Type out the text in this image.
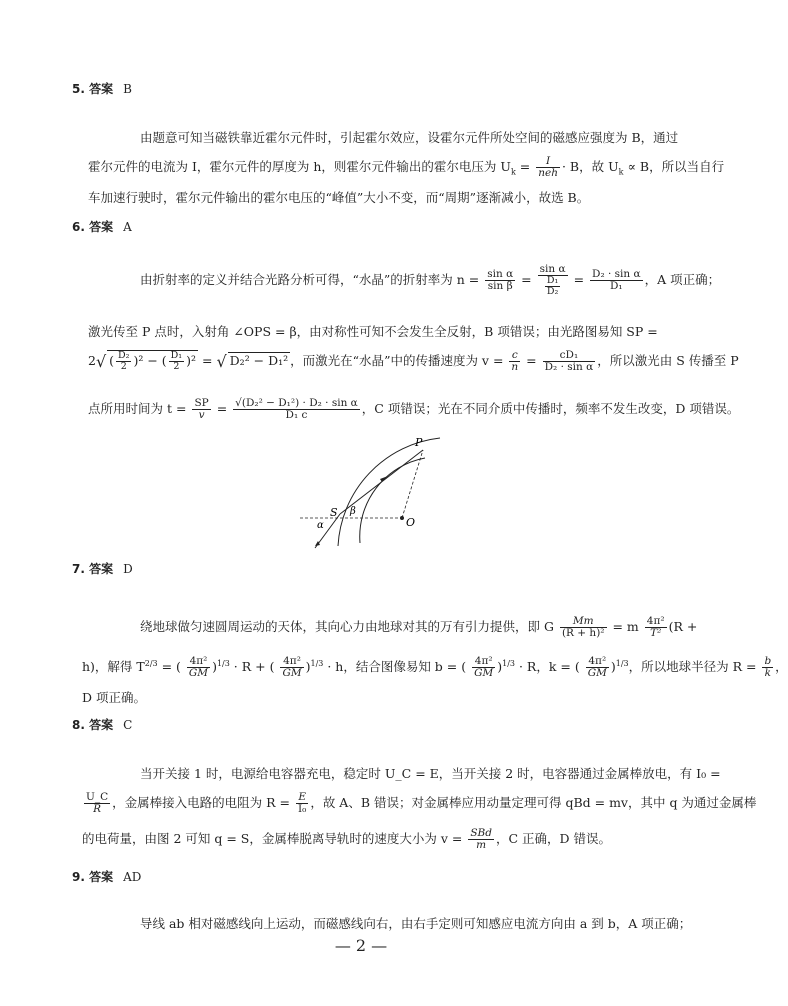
5. 答案 B
由题意可知当磁铁靠近霍尔元件时，引起霍尔效应，设霍尔元件所处空间的磁感应强度为 B，通过
霍尔元件的电流为 I，霍尔元件的厚度为 h，则霍尔元件输出的霍尔电压为 $U_k = \frac{I}{\text{neh}} \cdot B$，故 $U_k \propto B$，所以当自行
车加速行驶时，霍尔元件输出的霍尔电压的“峰值”大小不变，而“周期”逐渐减小，故选 B。
6. 答案 A
由折射率的定义并结合光路分析可得，“水晶”的折射率为 $n = \frac{\text{sin α}}{\text{sin β}} = \frac{\text{sin α}}{\frac{\text{D₁}}{\text{D₂}}} = \frac{\text{D₂ · sin α}}{\text{D₁}}$ ，A 项正确；
激光传至 P 点时，入射角 ∠OPS = β，由对称性可知不会发生全反射，B 项错误；由光路图易知 SP =
2√ ( $\frac{\text{D₂}}{2} )^2$ − ( $\frac{\text{D₁}}{2} )^2$ = √ D₂² − D₁² ，而激光在“水晶”中的传播速度为 $v = \frac{c}{n} = \frac{\text{cD₁}}{\text{D₂ · sin α}}$ ，所以激光由 S 传播至 P
点所用时间为 $t = \frac{SP}{v} = \frac{\text{√(D₂² − D₁²) · D₂ · sin α}}{\text{D₁ c}}$ ，C 项错误；光在不同介质中传播时，频率不发生改变，D 项错误。
P
S
O
α
β
7. 答案 D
绕地球做匀速圆周运动的天体，其向心力由地球对其的万有引力提供，即 G $\frac{Mm}{\text{(R + h)²}} = m \frac{\text{4π²}}{\text{T²}} (R$ +
h)，解得 $T^{2/3}$ = ( $\frac{\text{4π²}}{GM} )^{1/3} \cdot R$ + ( $\frac{\text{4π²}}{GM} )^{1/3} \cdot h$，结合图像易知 b = ( $\frac{\text{4π²}}{GM} )^{1/3} \cdot R$，k = ( $\frac{\text{4π²}}{GM} )^{1/3}$，所以地球半径为 $R = \frac{b}{k}$ ，
D 项正确。
8. 答案 C
当开关接 1 时，电源给电容器充电，稳定时 U_C = E，当开关接 2 时，电容器通过金属棒放电，有 I₀ =
$\frac{U\_C}{R}$ ，金属棒接入电路的电阻为 $R = \frac{E}{\text{I₀}}$ ，故 A、B 错误；对金属棒应用动量定理可得 qBd = mv，其中 q 为通过金属棒
的电荷量，由图 2 可知 q = S，金属棒脱离导轨时的速度大小为 $v = \frac{\text{SBd}}{m}$ ，C 正确，D 错误。
9. 答案 AD
导线 ab 相对磁感线向上运动，而磁感线向右，由右手定则可知感应电流方向由 a 到 b，A 项正确；
— 2 —
